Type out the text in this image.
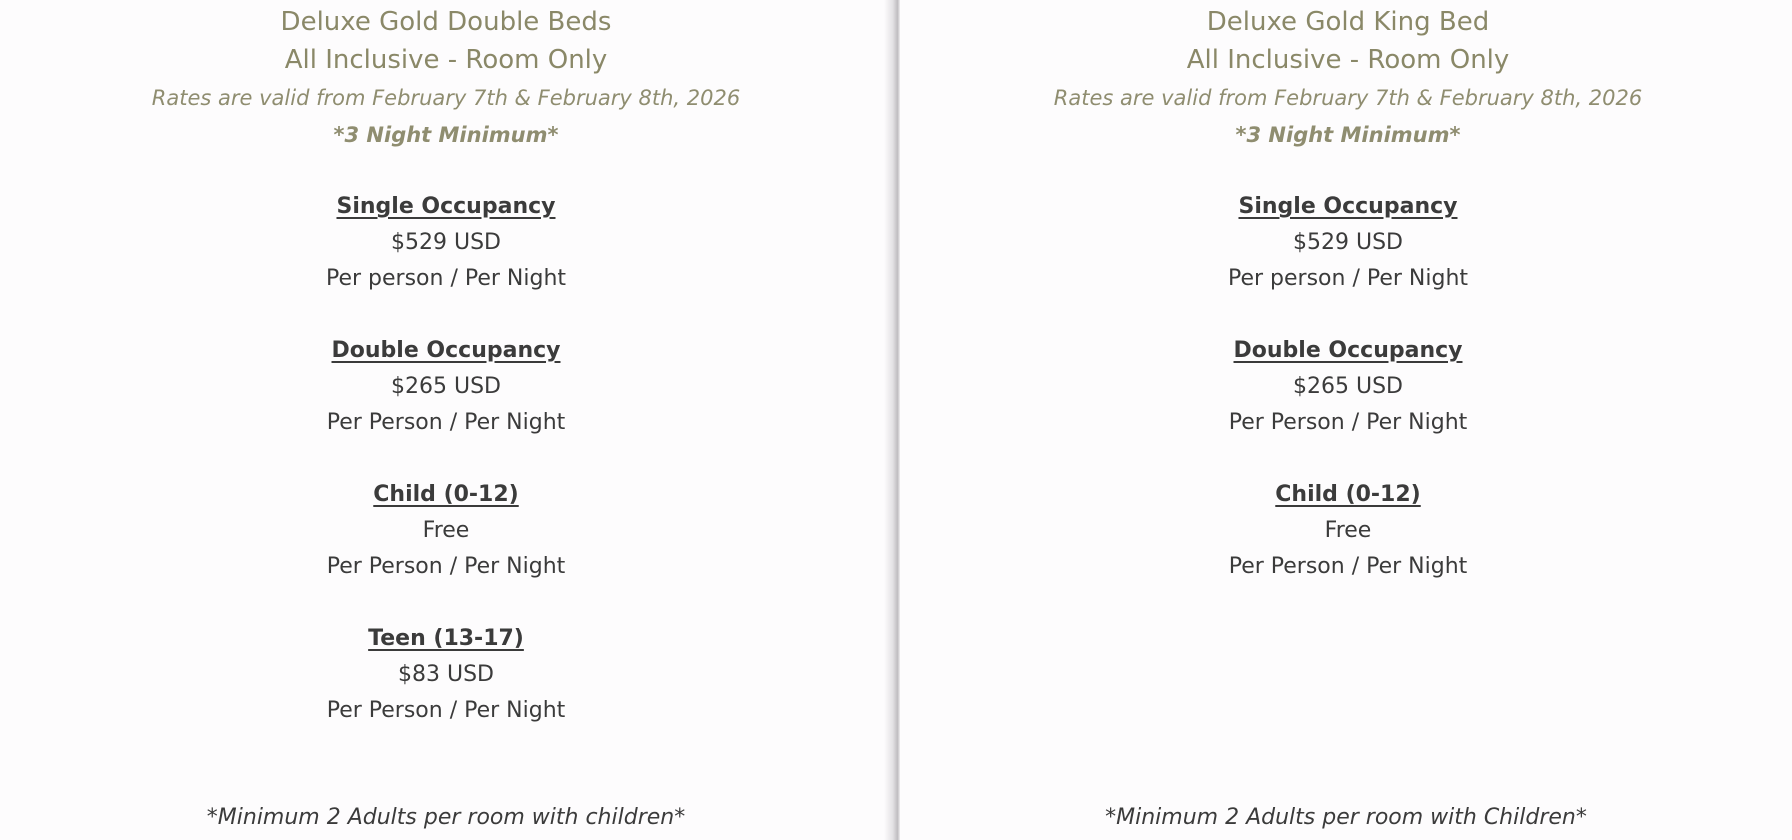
Deluxe Gold Double Beds
All Inclusive - Room Only
Rates are valid from February 7th & February 8th, 2026
*3 Night Minimum*
Single Occupancy
$529 USD
Per person / Per Night
Double Occupancy
$265 USD
Per Person / Per Night
Child (0-12)
Free
Per Person / Per Night
Teen (13-17)
$83 USD
Per Person / Per Night
*Minimum 2 Adults per room with children*
Deluxe Gold King Bed
All Inclusive - Room Only
Rates are valid from February 7th & February 8th, 2026
*3 Night Minimum*
Single Occupancy
$529 USD
Per person / Per Night
Double Occupancy
$265 USD
Per Person / Per Night
Child (0-12)
Free
Per Person / Per Night
*Minimum 2 Adults per room with Children*
